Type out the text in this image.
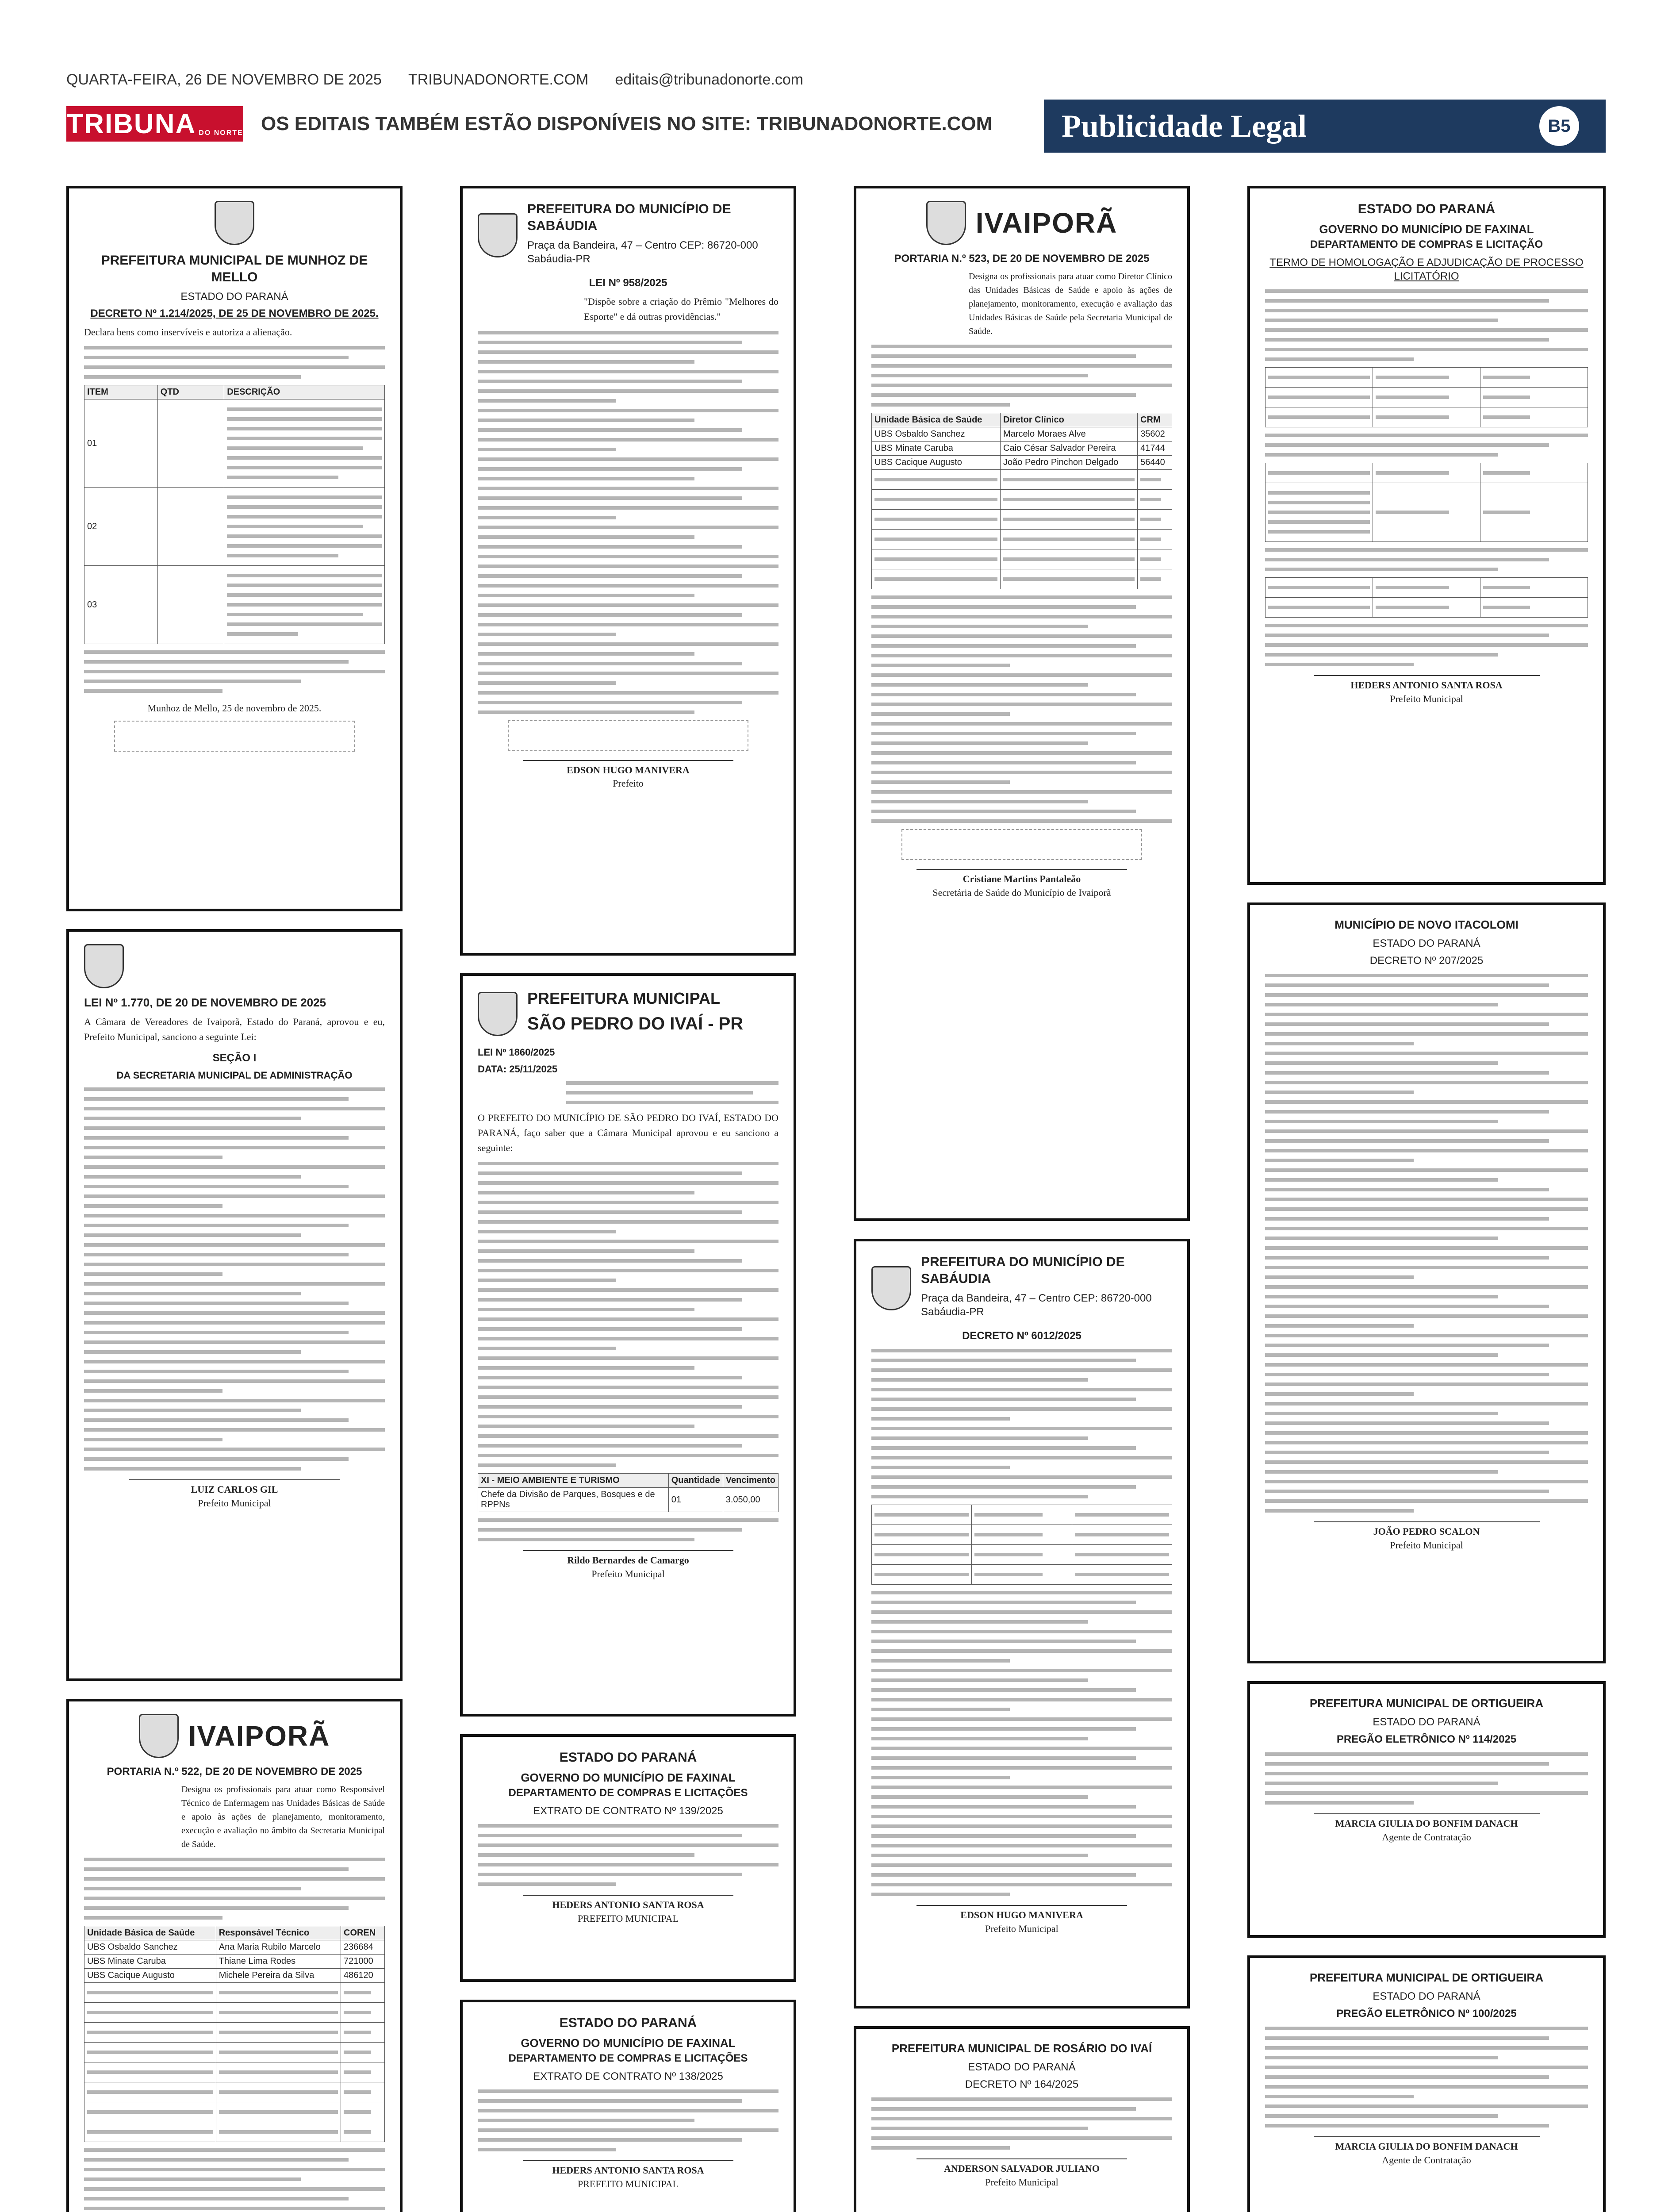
QUARTA-FEIRA, 26 DE NOVEMBRO DE 2025 TRIBUNADONORTE.COM editais@tribunadonorte.com
TRIBUNA DO NORTE OS EDITAIS TAMBÉM ESTÃO DISPONÍVEIS NO SITE: TRIBUNADONORTE.COM Publicidade Legal	B5
PREFEITURA MUNICIPAL DE MUNHOZ DE MELLO
ESTADO DO PARANÁ
DECRETO Nº 1.214/2025, DE 25 DE NOVEMBRO DE 2025.
Declara bens como inservíveis e autoriza a alienação.
ITEM	QTD	DESCRIÇÃO
01		

02		

03		
Munhoz de Mello, 25 de novembro de 2025.
LEI Nº 1.770, DE 20 DE NOVEMBRO DE 2025
A Câmara de Vereadores de Ivaiporã, Estado do Paraná, aprovou e eu, Prefeito Municipal, sanciono a seguinte Lei:
SEÇÃO I
DA SECRETARIA MUNICIPAL DE ADMINISTRAÇÃO
LUIZ CARLOS GIL
Prefeito Municipal
IVAIPORÃ
PORTARIA N.º 522, DE 20 DE NOVEMBRO DE 2025
Designa os profissionais para atuar como Responsável Técnico de Enfermagem nas Unidades Básicas de Saúde e apoio às ações de planejamento, monitoramento, execução e avaliação no âmbito da Secretaria Municipal de Saúde.
Unidade Básica de Saúde	Responsável Técnico	COREN
UBS Osbaldo Sanchez	Ana Maria Rubilo Marcelo	236684
UBS Minate Caruba	Thiane Lima Rodes	721000
UBS Cacique Augusto	Michele Pereira da Silva	486120

PREFEITURA DO MUNICÍPIO DE SABÁUDIA
Praça da Bandeira, 47 – Centro CEP: 86720-000 Sabáudia-PR
LEI Nº 958/2025
"Dispõe sobre a criação do Prêmio "Melhores do Esporte" e dá outras providências."
EDSON HUGO MANIVERA
Prefeito
PREFEITURA MUNICIPAL
SÃO PEDRO DO IVAÍ - PR
LEI Nº 1860/2025
DATA: 25/11/2025
O PREFEITO DO MUNICÍPIO DE SÃO PEDRO DO IVAÍ, ESTADO DO PARANÁ, faço saber que a Câmara Municipal aprovou e eu sanciono a seguinte:
XI - MEIO AMBIENTE E TURISMO	Quantidade	Vencimento
Chefe da Divisão de Parques, Bosques e de RPPNs	01	3.050,00
Rildo Bernardes de Camargo
Prefeito Municipal
ESTADO DO PARANÁ
GOVERNO DO MUNICÍPIO DE FAXINAL
DEPARTAMENTO DE COMPRAS E LICITAÇÕES
EXTRATO DE CONTRATO Nº 139/2025
HEDERS ANTONIO SANTA ROSA
PREFEITO MUNICIPAL
ESTADO DO PARANÁ
GOVERNO DO MUNICÍPIO DE FAXINAL
DEPARTAMENTO DE COMPRAS E LICITAÇÕES
EXTRATO DE CONTRATO Nº 138/2025
HEDERS ANTONIO SANTA ROSA
PREFEITO MUNICIPAL
IVAIPORÃ
PORTARIA N.º 523, DE 20 DE NOVEMBRO DE 2025
Designa os profissionais para atuar como Diretor Clínico das Unidades Básicas de Saúde e apoio às ações de planejamento, monitoramento, execução e avaliação das Unidades Básicas de Saúde pela Secretaria Municipal de Saúde.
Unidade Básica de Saúde	Diretor Clínico	CRM
UBS Osbaldo Sanchez	Marcelo Moraes Alve	35602
UBS Minate Caruba	Caio César Salvador Pereira	41744
UBS Cacique Augusto	João Pedro Pinchon Delgado	56440

Cristiane Martins Pantaleão
Secretária de Saúde do Município de Ivaiporã
PREFEITURA DO MUNICÍPIO DE SABÁUDIA
Praça da Bandeira, 47 – Centro CEP: 86720-000 Sabáudia-PR
DECRETO Nº 6012/2025

EDSON HUGO MANIVERA
Prefeito Municipal
PREFEITURA MUNICIPAL DE ROSÁRIO DO IVAÍ
ESTADO DO PARANÁ
DECRETO Nº 164/2025
ANDERSON SALVADOR JULIANO
Prefeito Municipal
ESTADO DO PARANÁ
GOVERNO DO MUNICÍPIO DE FAXINAL
DEPARTAMENTO DE COMPRAS E LICITAÇÃO
TERMO DE HOMOLOGAÇÃO E ADJUDICAÇÃO DE PROCESSO LICITATÓRIO

HEDERS ANTONIO SANTA ROSA
Prefeito Municipal
MUNICÍPIO DE NOVO ITACOLOMI
ESTADO DO PARANÁ
DECRETO Nº 207/2025
JOÃO PEDRO SCALON
Prefeito Municipal
PREFEITURA MUNICIPAL DE ORTIGUEIRA
ESTADO DO PARANÁ
PREGÃO ELETRÔNICO Nº 114/2025
MARCIA GIULIA DO BONFIM DANACH
Agente de Contratação
PREFEITURA MUNICIPAL DE ORTIGUEIRA
ESTADO DO PARANÁ
PREGÃO ELETRÔNICO Nº 100/2025
MARCIA GIULIA DO BONFIM DANACH
Agente de Contratação
